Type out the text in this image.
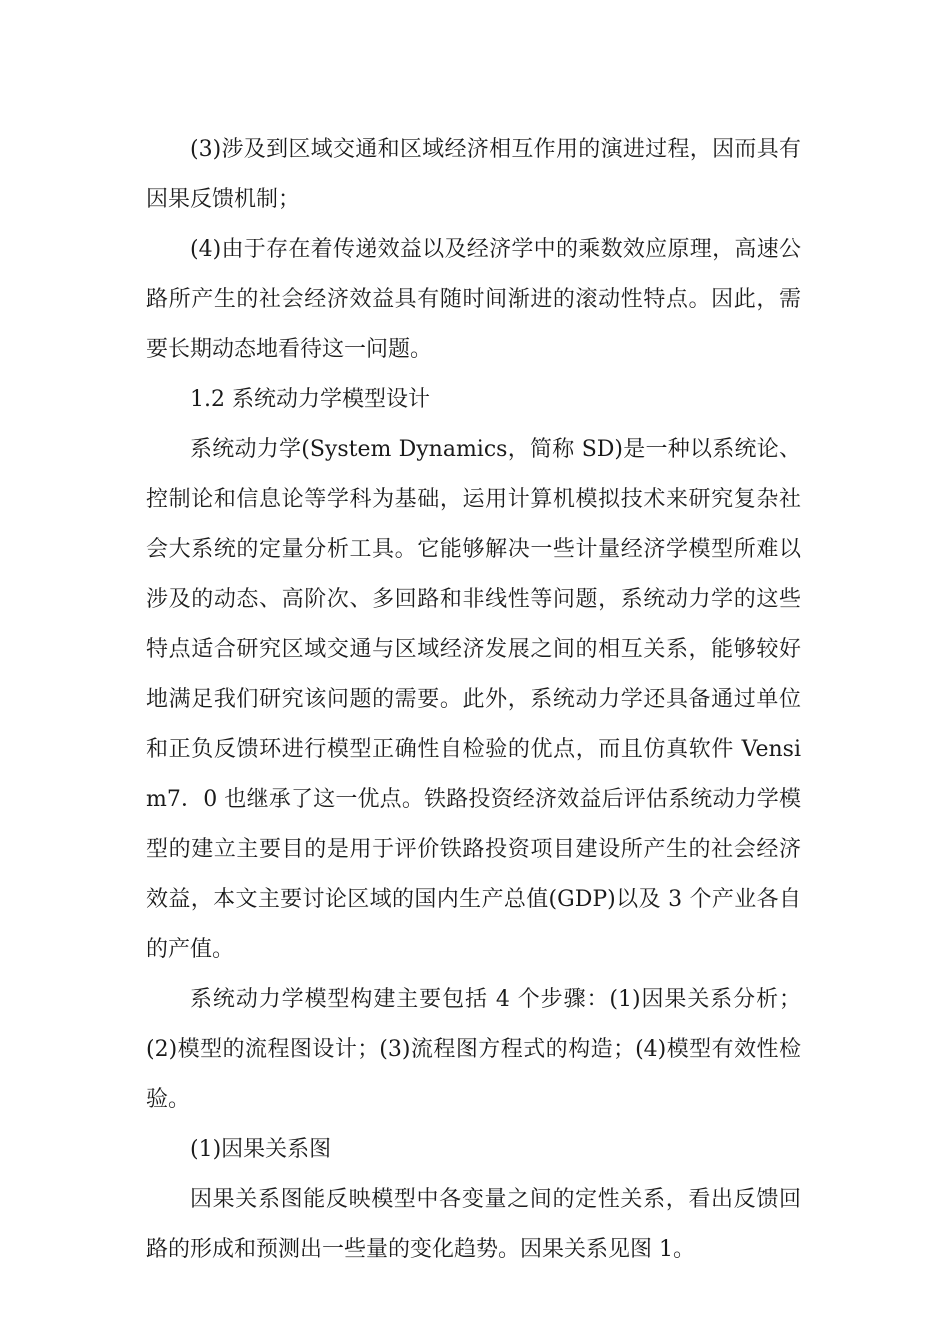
(3)涉及到区域交通和区域经济相互作用的演进过程，因而具有因果反馈机制；

(4)由于存在着传递效益以及经济学中的乘数效应原理，高速公路所产生的社会经济效益具有随时间渐进的滚动性特点。因此，需要长期动态地看待这一问题。

1.2 系统动力学模型设计

系统动力学(System Dynamics，简称 SD)是一种以系统论、控制论和信息论等学科为基础，运用计算机模拟技术来研究复杂社会大系统的定量分析工具。它能够解决一些计量经济学模型所难以涉及的动态、高阶次、多回路和非线性等问题，系统动力学的这些特点适合研究区域交通与区域经济发展之间的相互关系，能够较好地满足我们研究该问题的需要。此外，系统动力学还具备通过单位和正负反馈环进行模型正确性自检验的优点，而且仿真软件 Vensim7．0 也继承了这一优点。铁路投资经济效益后评估系统动力学模型的建立主要目的是用于评价铁路投资项目建设所产生的社会经济效益，本文主要讨论区域的国内生产总值(GDP)以及 3 个产业各自的产值。

系统动力学模型构建主要包括 4 个步骤：(1)因果关系分析；(2)模型的流程图设计；(3)流程图方程式的构造；(4)模型有效性检验。

(1)因果关系图

因果关系图能反映模型中各变量之间的定性关系，看出反馈回路的形成和预测出一些量的变化趋势。因果关系见图 1。
